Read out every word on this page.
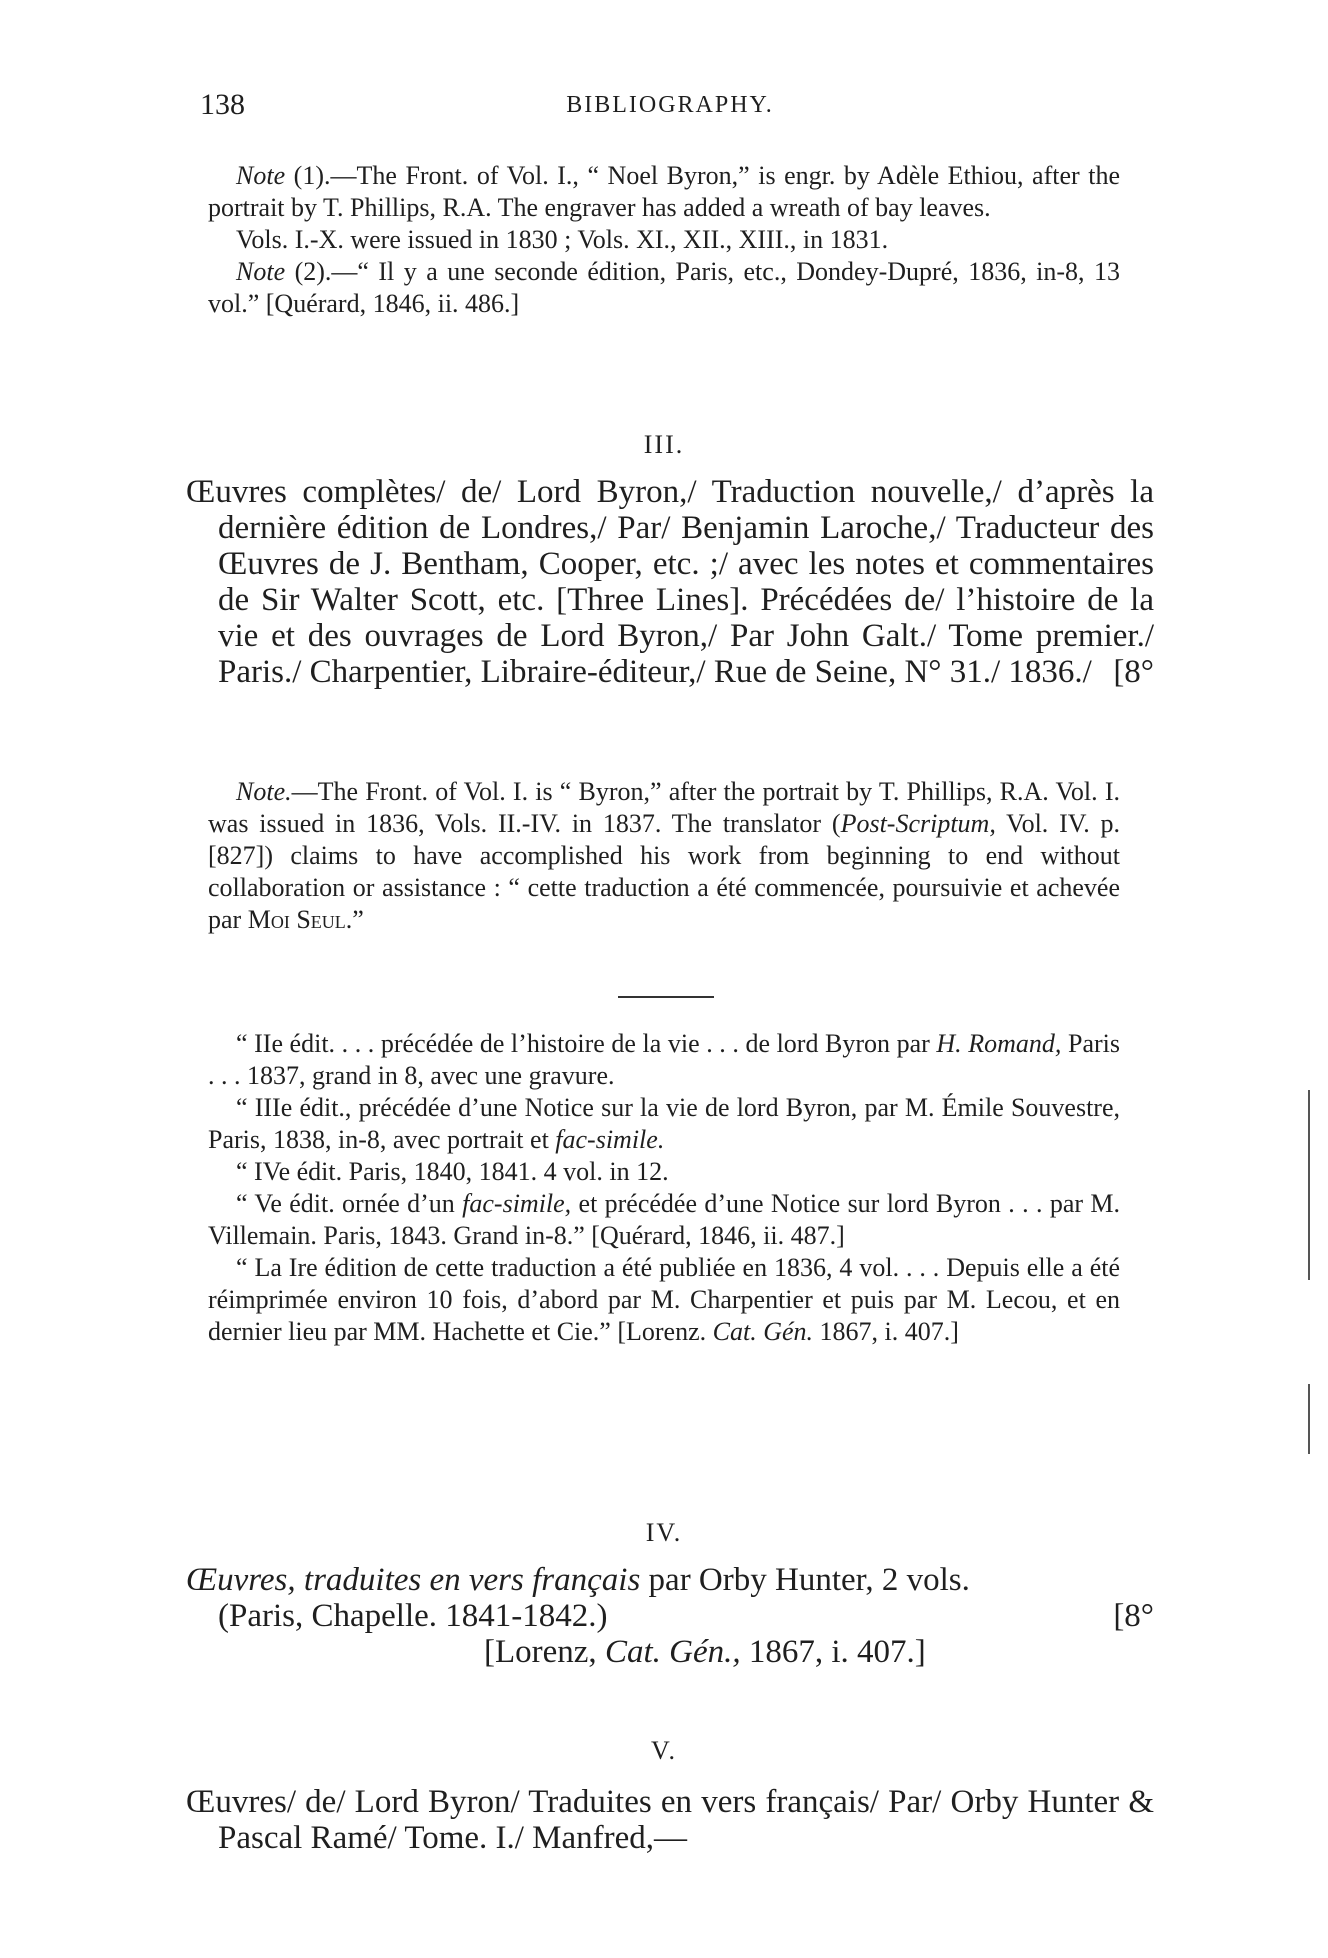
138	BIBLIOGRAPHY.

Note (1).—The Front. of Vol. I., “ Noel Byron,” is engr. by Adèle Ethiou, after the portrait by T. Phillips, R.A. The engraver has added a wreath of bay leaves.

Vols. I.-X. were issued in 1830 ; Vols. XI., XII., XIII., in 1831.

Note (2).—“ Il y a une seconde édition, Paris, etc., Dondey-Dupré, 1836, in-8, 13 vol.” [Quérard, 1846, ii. 486.]

III.
Œuvres complètes/ de/ Lord Byron,/ Traduction nouvelle,/ d’après la dernière édition de Londres,/ Par/ Benjamin Laroche,/ Traducteur des Œuvres de J. Bentham, Cooper, etc. ;/ avec les notes et commentaires de Sir Walter Scott, etc. [Three Lines]. Précédées de/ l’histoire de la vie et des ouvrages de Lord Byron,/ Par John Galt./ Tome premier./ Paris./ Charpentier, Libraire-éditeur,/ Rue de Seine, N° 31./ 1836./ [8°

Note.—The Front. of Vol. I. is “ Byron,” after the portrait by T. Phillips, R.A. Vol. I. was issued in 1836, Vols. II.-IV. in 1837. The translator (Post-Scriptum, Vol. IV. p. [827]) claims to have accomplished his work from beginning to end without collaboration or assistance : “ cette traduction a été commencée, poursuivie et achevée par Moi Seul.”

“ IIe édit. . . . précédée de l’histoire de la vie . . . de lord Byron par H. Romand, Paris . . . 1837, grand in 8, avec une gravure.

“ IIIe édit., précédée d’une Notice sur la vie de lord Byron, par M. Émile Souvestre, Paris, 1838, in-8, avec portrait et fac-simile.

“ IVe édit. Paris, 1840, 1841. 4 vol. in 12.

“ Ve édit. ornée d’un fac-simile, et précédée d’une Notice sur lord Byron . . . par M. Villemain. Paris, 1843. Grand in-8.” [Quérard, 1846, ii. 487.]

“ La Ire édition de cette traduction a été publiée en 1836, 4 vol. . . . Depuis elle a été réimprimée environ 10 fois, d’abord par M. Charpentier et puis par M. Lecou, et en dernier lieu par MM. Hachette et Cie.” [Lorenz. Cat. Gén. 1867, i. 407.]

IV.
Œuvres, traduites en vers français par Orby Hunter, 2 vols.
(Paris, Chapelle. 1841-1842.)	[8°
[Lorenz, Cat. Gén., 1867, i. 407.]
V.
Œuvres/ de/ Lord Byron/ Traduites en vers français/ Par/ Orby Hunter & Pascal Ramé/ Tome. I./ Manfred,—
